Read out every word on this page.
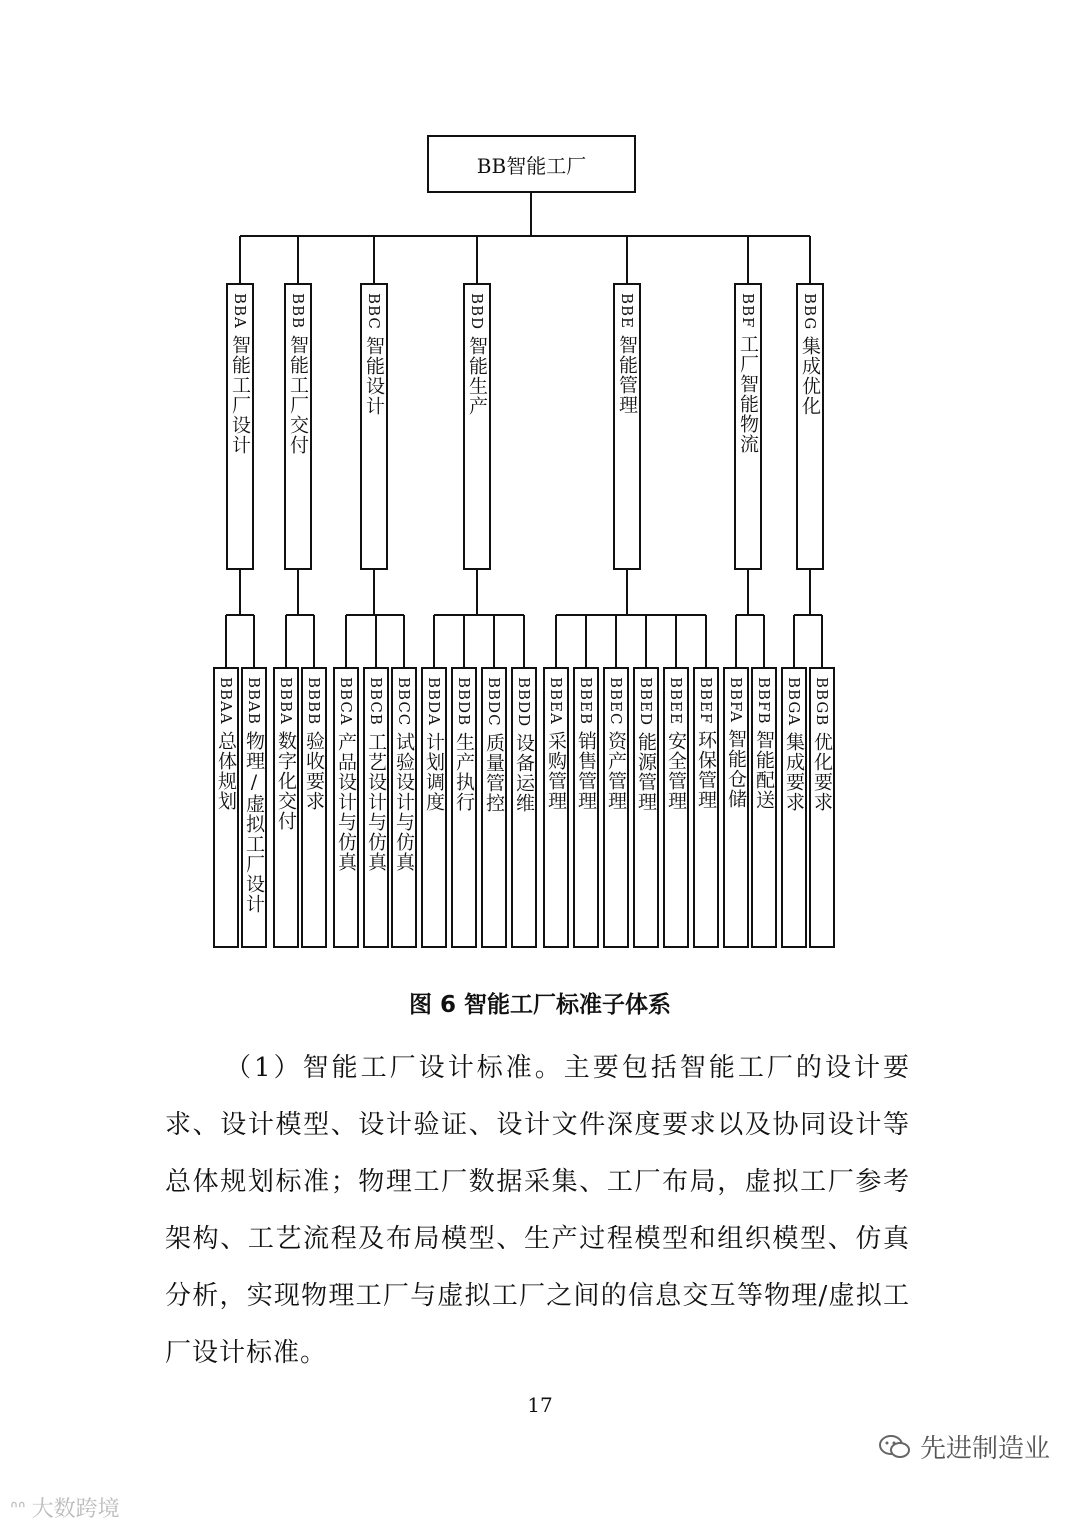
BB智能工厂
BBA智能工厂设计
BBAA总体规划
BBAB物理/虚拟工厂设计
BBB智能工厂交付
BBBA数字化交付
BBBB验收要求
BBC智能设计
BBCA产品设计与仿真
BBCB工艺设计与仿真
BBCC试验设计与仿真
BBD智能生产
BBDA计划调度
BBDB生产执行
BBDC质量管控
BBDD设备运维
BBE智能管理
BBEA采购管理
BBEB销售管理
BBEC资产管理
BBED能源管理
BBEE安全管理
BBEF环保管理
BBF工厂智能物流
BBFA智能仓储
BBFB智能配送
BBG集成优化
BBGA集成要求
BBGB优化要求
图 6 智能工厂标准子体系
（1）智能工厂设计标准。主要包括智能工厂的设计要求、设计模型、设计验证、设计文件深度要求以及协同设计等总体规划标准；物理工厂数据采集、工厂布局，虚拟工厂参考架构、工艺流程及布局模型、生产过程模型和组织模型、仿真分析，实现物理工厂与虚拟工厂之间的信息交互等物理/虚拟工厂设计标准。
17
先进制造业
ᐢᐢ 大数跨境
